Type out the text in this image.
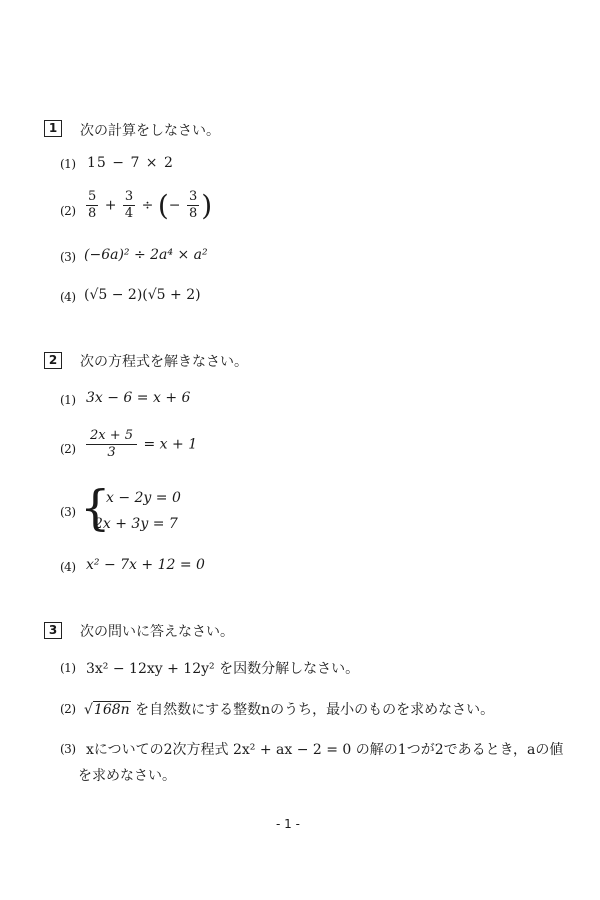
1	次の計算をしなさい。
(1) 15 − 7 × 2
$(2) \frac{5}{8} + \frac{3}{4}$ ÷ (− $\frac{3}{8}$ )
(3) (−6a)² ÷ 2a⁴ × a²
(4) (√5 − 2)(√5 + 2)
2	次の方程式を解きなさい。
(1) 3x − 6 = x + 6
$(2) \frac{2x + 5}{3} = x + 1$
(3) {
x − 2y = 0
2x + 3y = 7
(4) x² − 7x + 12 = 0
3	次の問いに答えなさい。
(1) 3x² − 12xy + 12y² を因数分解しなさい。
(2) √168n を自然数にする整数nのうち，最小のものを求めなさい。
(3) xについての2次方程式 2x² + ax − 2 = 0 の解の1つが2であるとき，aの値
を求めなさい。
- 1 -
